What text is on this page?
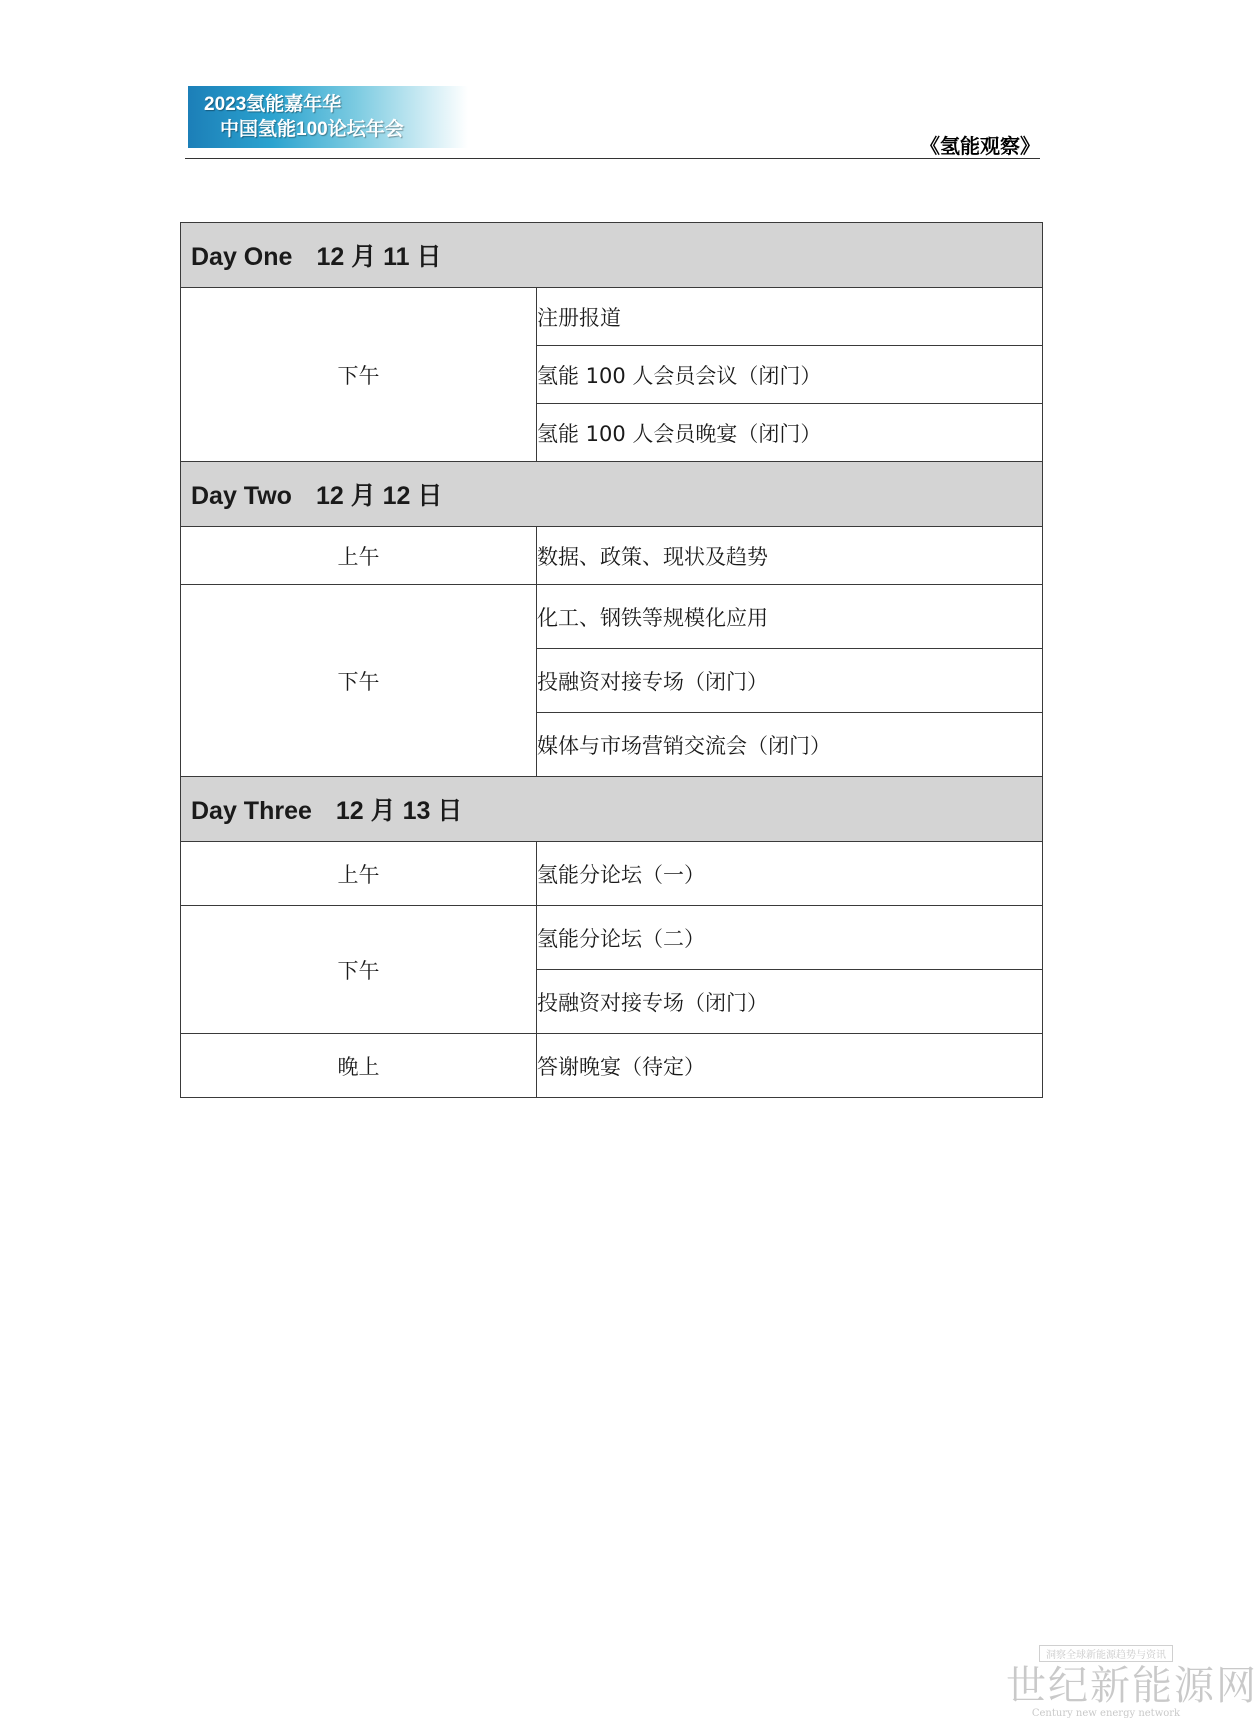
2023氢能嘉年华
中国氢能100论坛年会
《氢能观察》
Day One 12 月 11 日	
下午	注册报道
	氢能 100 人会员会议（闭门）
	氢能 100 人会员晚宴（闭门）
Day Two 12 月 12 日	
上午	数据、政策、现状及趋势
下午	化工、钢铁等规模化应用
	投融资对接专场（闭门）
	媒体与市场营销交流会（闭门）
Day Three 12 月 13 日	
上午	氢能分论坛（一）
下午	氢能分论坛（二）
	投融资对接专场（闭门）
晚上	答谢晚宴（待定）
洞察全球新能源趋势与资讯
世纪新能源网
Century new energy network
